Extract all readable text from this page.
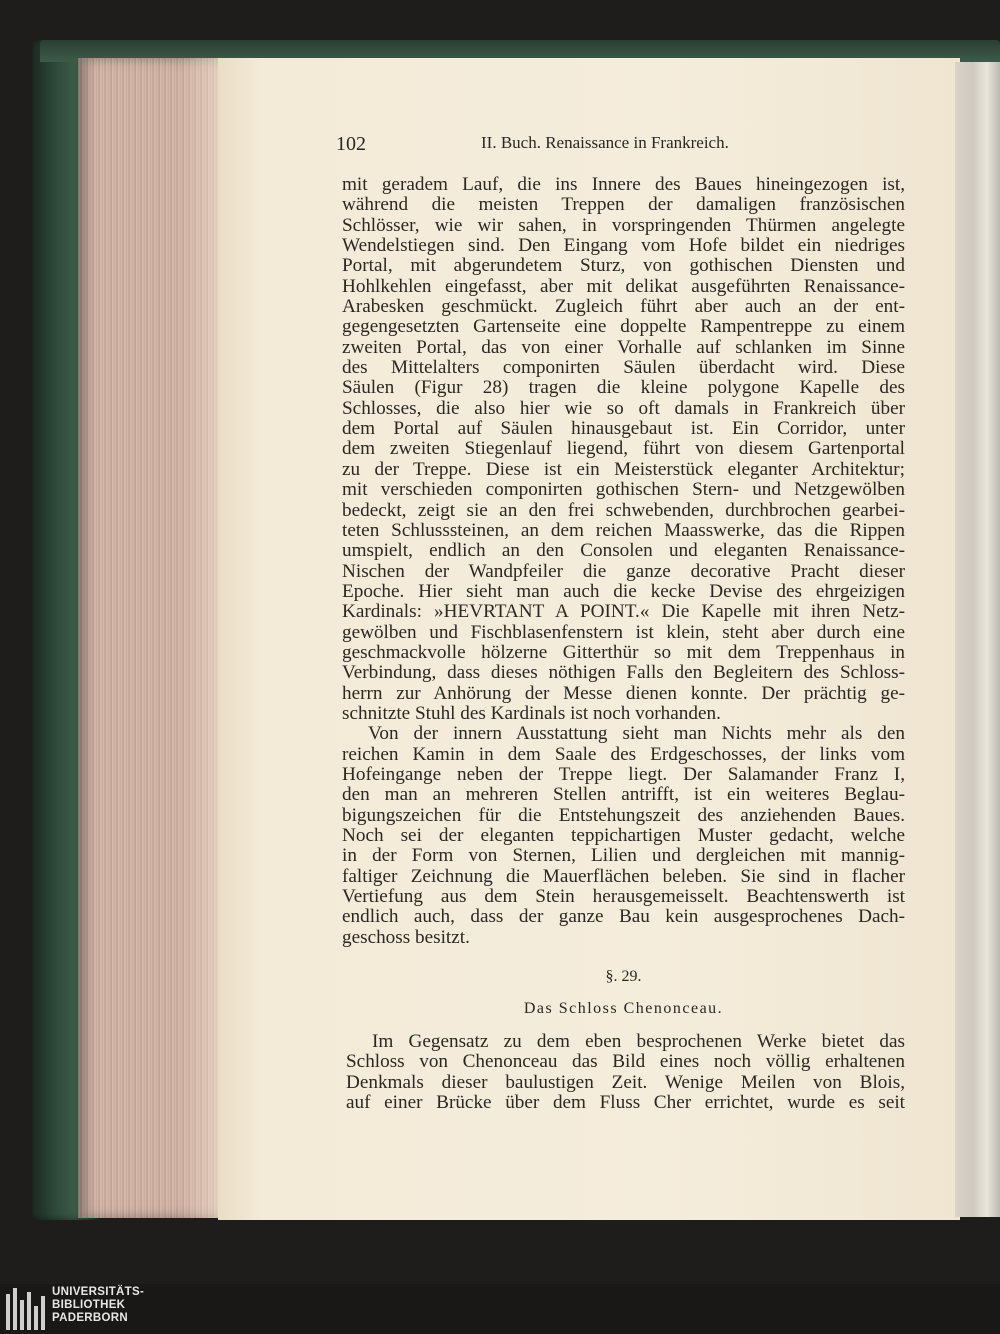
102	II. Buch. Renaissance in Frankreich.
mit geradem Lauf, die ins Innere des Baues hineingezogen ist,
während die meisten Treppen der damaligen französischen
Schlösser, wie wir sahen, in vorspringenden Thürmen angelegte
Wendelstiegen sind. Den Eingang vom Hofe bildet ein niedriges
Portal, mit abgerundetem Sturz, von gothischen Diensten und
Hohlkehlen eingefasst, aber mit delikat ausgeführten Renaissance-
Arabesken geschmückt. Zugleich führt aber auch an der ent-
gegengesetzten Gartenseite eine doppelte Rampentreppe zu einem
zweiten Portal, das von einer Vorhalle auf schlanken im Sinne
des Mittelalters componirten Säulen überdacht wird. Diese
Säulen (Figur 28) tragen die kleine polygone Kapelle des
Schlosses, die also hier wie so oft damals in Frankreich über
dem Portal auf Säulen hinausgebaut ist. Ein Corridor, unter
dem zweiten Stiegenlauf liegend, führt von diesem Gartenportal
zu der Treppe. Diese ist ein Meisterstück eleganter Architektur;
mit verschieden componirten gothischen Stern- und Netzgewölben
bedeckt, zeigt sie an den frei schwebenden, durchbrochen gearbei-
teten Schlusssteinen, an dem reichen Maasswerke, das die Rippen
umspielt, endlich an den Consolen und eleganten Renaissance-
Nischen der Wandpfeiler die ganze decorative Pracht dieser
Epoche. Hier sieht man auch die kecke Devise des ehrgeizigen
Kardinals: »HEVRTANT A POINT.« Die Kapelle mit ihren Netz-
gewölben und Fischblasenfenstern ist klein, steht aber durch eine
geschmackvolle hölzerne Gitterthür so mit dem Treppenhaus in
Verbindung, dass dieses nöthigen Falls den Begleitern des Schloss-
herrn zur Anhörung der Messe dienen konnte. Der prächtig ge-
schnitzte Stuhl des Kardinals ist noch vorhanden.
Von der innern Ausstattung sieht man Nichts mehr als den
reichen Kamin in dem Saale des Erdgeschosses, der links vom
Hofeingange neben der Treppe liegt. Der Salamander Franz I,
den man an mehreren Stellen antrifft, ist ein weiteres Beglau-
bigungszeichen für die Entstehungszeit des anziehenden Baues.
Noch sei der eleganten teppichartigen Muster gedacht, welche
in der Form von Sternen, Lilien und dergleichen mit mannig-
faltiger Zeichnung die Mauerflächen beleben. Sie sind in flacher
Vertiefung aus dem Stein herausgemeisselt. Beachtenswerth ist
endlich auch, dass der ganze Bau kein ausgesprochenes Dach-
geschoss besitzt.
§. 29.
Das Schloss Chenonceau.
Im Gegensatz zu dem eben besprochenen Werke bietet das
Schloss von Chenonceau das Bild eines noch völlig erhaltenen
Denkmals dieser baulustigen Zeit. Wenige Meilen von Blois,
auf einer Brücke über dem Fluss Cher errichtet, wurde es seit
UNIVERSITÄTS-
BIBLIOTHEK
PADERBORN
